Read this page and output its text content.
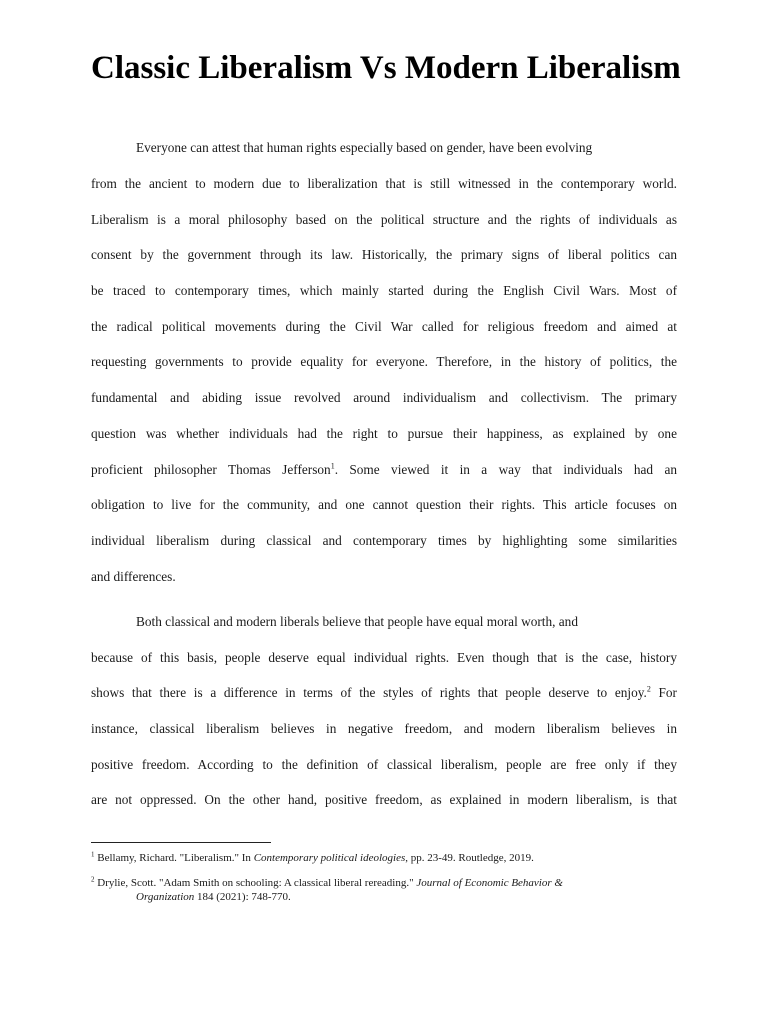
Classic Liberalism Vs Modern Liberalism
Everyone can attest that human rights especially based on gender, have been evolving
from the ancient to modern due to liberalization that is still witnessed in the contemporary world.
Liberalism is a moral philosophy based on the political structure and the rights of individuals as
consent by the government through its law. Historically, the primary signs of liberal politics can
be traced to contemporary times, which mainly started during the English Civil Wars. Most of
the radical political movements during the Civil War called for religious freedom and aimed at
requesting governments to provide equality for everyone. Therefore, in the history of politics, the
fundamental and abiding issue revolved around individualism and collectivism. The primary
question was whether individuals had the right to pursue their happiness, as explained by one
proficient philosopher Thomas Jefferson$^1$. Some viewed it in a way that individuals had an
obligation to live for the community, and one cannot question their rights. This article focuses on
individual liberalism during classical and contemporary times by highlighting some similarities
and differences.
Both classical and modern liberals believe that people have equal moral worth, and
because of this basis, people deserve equal individual rights. Even though that is the case, history
shows that there is a difference in terms of the styles of rights that people deserve to enjoy.$^2$ For
instance, classical liberalism believes in negative freedom, and modern liberalism believes in
positive freedom. According to the definition of classical liberalism, people are free only if they
are not oppressed. On the other hand, positive freedom, as explained in modern liberalism, is that
$^1$ Bellamy, Richard. "Liberalism." In Contemporary political ideologies, pp. 23-49. Routledge, 2019.
$^2$ Drylie, Scott. "Adam Smith on schooling: A classical liberal rereading." Journal of Economic Behavior &
Organization 184 (2021): 748-770.
